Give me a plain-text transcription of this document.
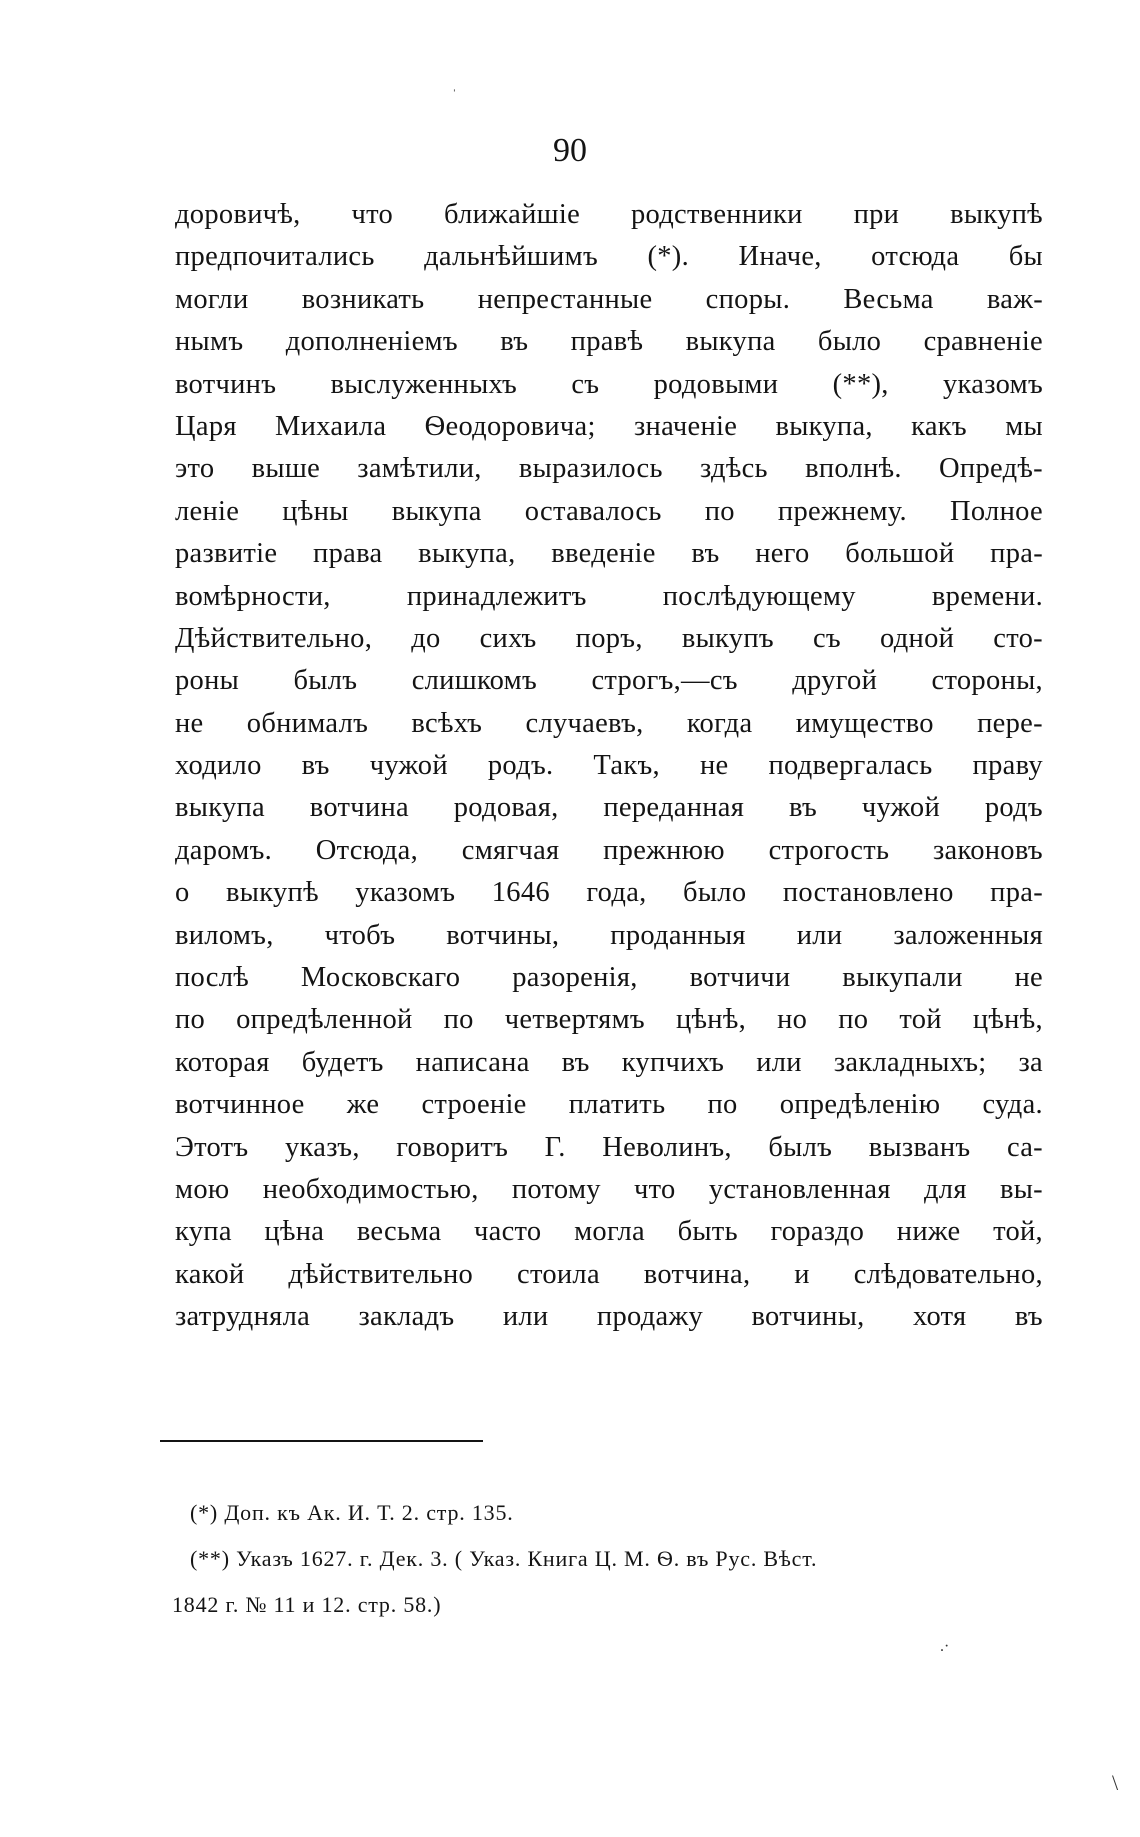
90
доровичѣ, что ближайшіе родственники при выкупѣ
предпочитались дальнѣйшимъ (*). Иначе, отсюда бы
могли возникать непрестанные споры. Весьма важ-
нымъ дополненіемъ въ правѣ выкупа было сравненіе
вотчинъ выслуженныхъ съ родовыми (**), указомъ
Царя Михаила Ѳеодоровича; значеніе выкупа, какъ мы
это выше замѣтили, выразилось здѣсь вполнѣ. Опредѣ-
леніе цѣны выкупа оставалось по прежнему. Полное
развитіе права выкупа, введеніе въ него большой пра-
вомѣрности,	принадлежитъ	послѣдующему	времени.
Дѣйствительно, до сихъ поръ, выкупъ съ одной сто-
роны былъ слишкомъ строгъ,—съ другой стороны,
не обнималъ всѣхъ случаевъ, когда имущество пере-
ходило въ чужой родъ. Такъ, не подвергалась праву
выкупа вотчина родовая, переданная въ чужой родъ
даромъ. Отсюда, смягчая прежнюю строгость законовъ
о выкупѣ указомъ 1646 года, было постановлено пра-
виломъ, чтобъ вотчины, проданныя или заложенныя
послѣ Московскаго разоренія, вотчичи выкупали не
по опредѣленной по четвертямъ цѣнѣ, но по той цѣнѣ,
которая будетъ написана въ купчихъ или закладныхъ; за
вотчинное же строеніе платить по опредѣленію суда.
Этотъ указъ, говоритъ Г. Неволинъ, былъ вызванъ са-
мою необходимостью, потому что установленная для вы-
купа цѣна весьма часто могла быть гораздо ниже той,
какой дѣйствительно стоила вотчина, и слѣдовательно,
затрудняла закладъ или продажу вотчины, хотя въ
(*) Доп. къ Ак. И. Т. 2. стр. 135.
(**) Указъ 1627. г. Дек. 3. ( Указ. Книга Ц. М. Ѳ. въ Рус. Вѣст.
1842 г. № 11 и 12. стр. 58.)
ˈ
\
.·
